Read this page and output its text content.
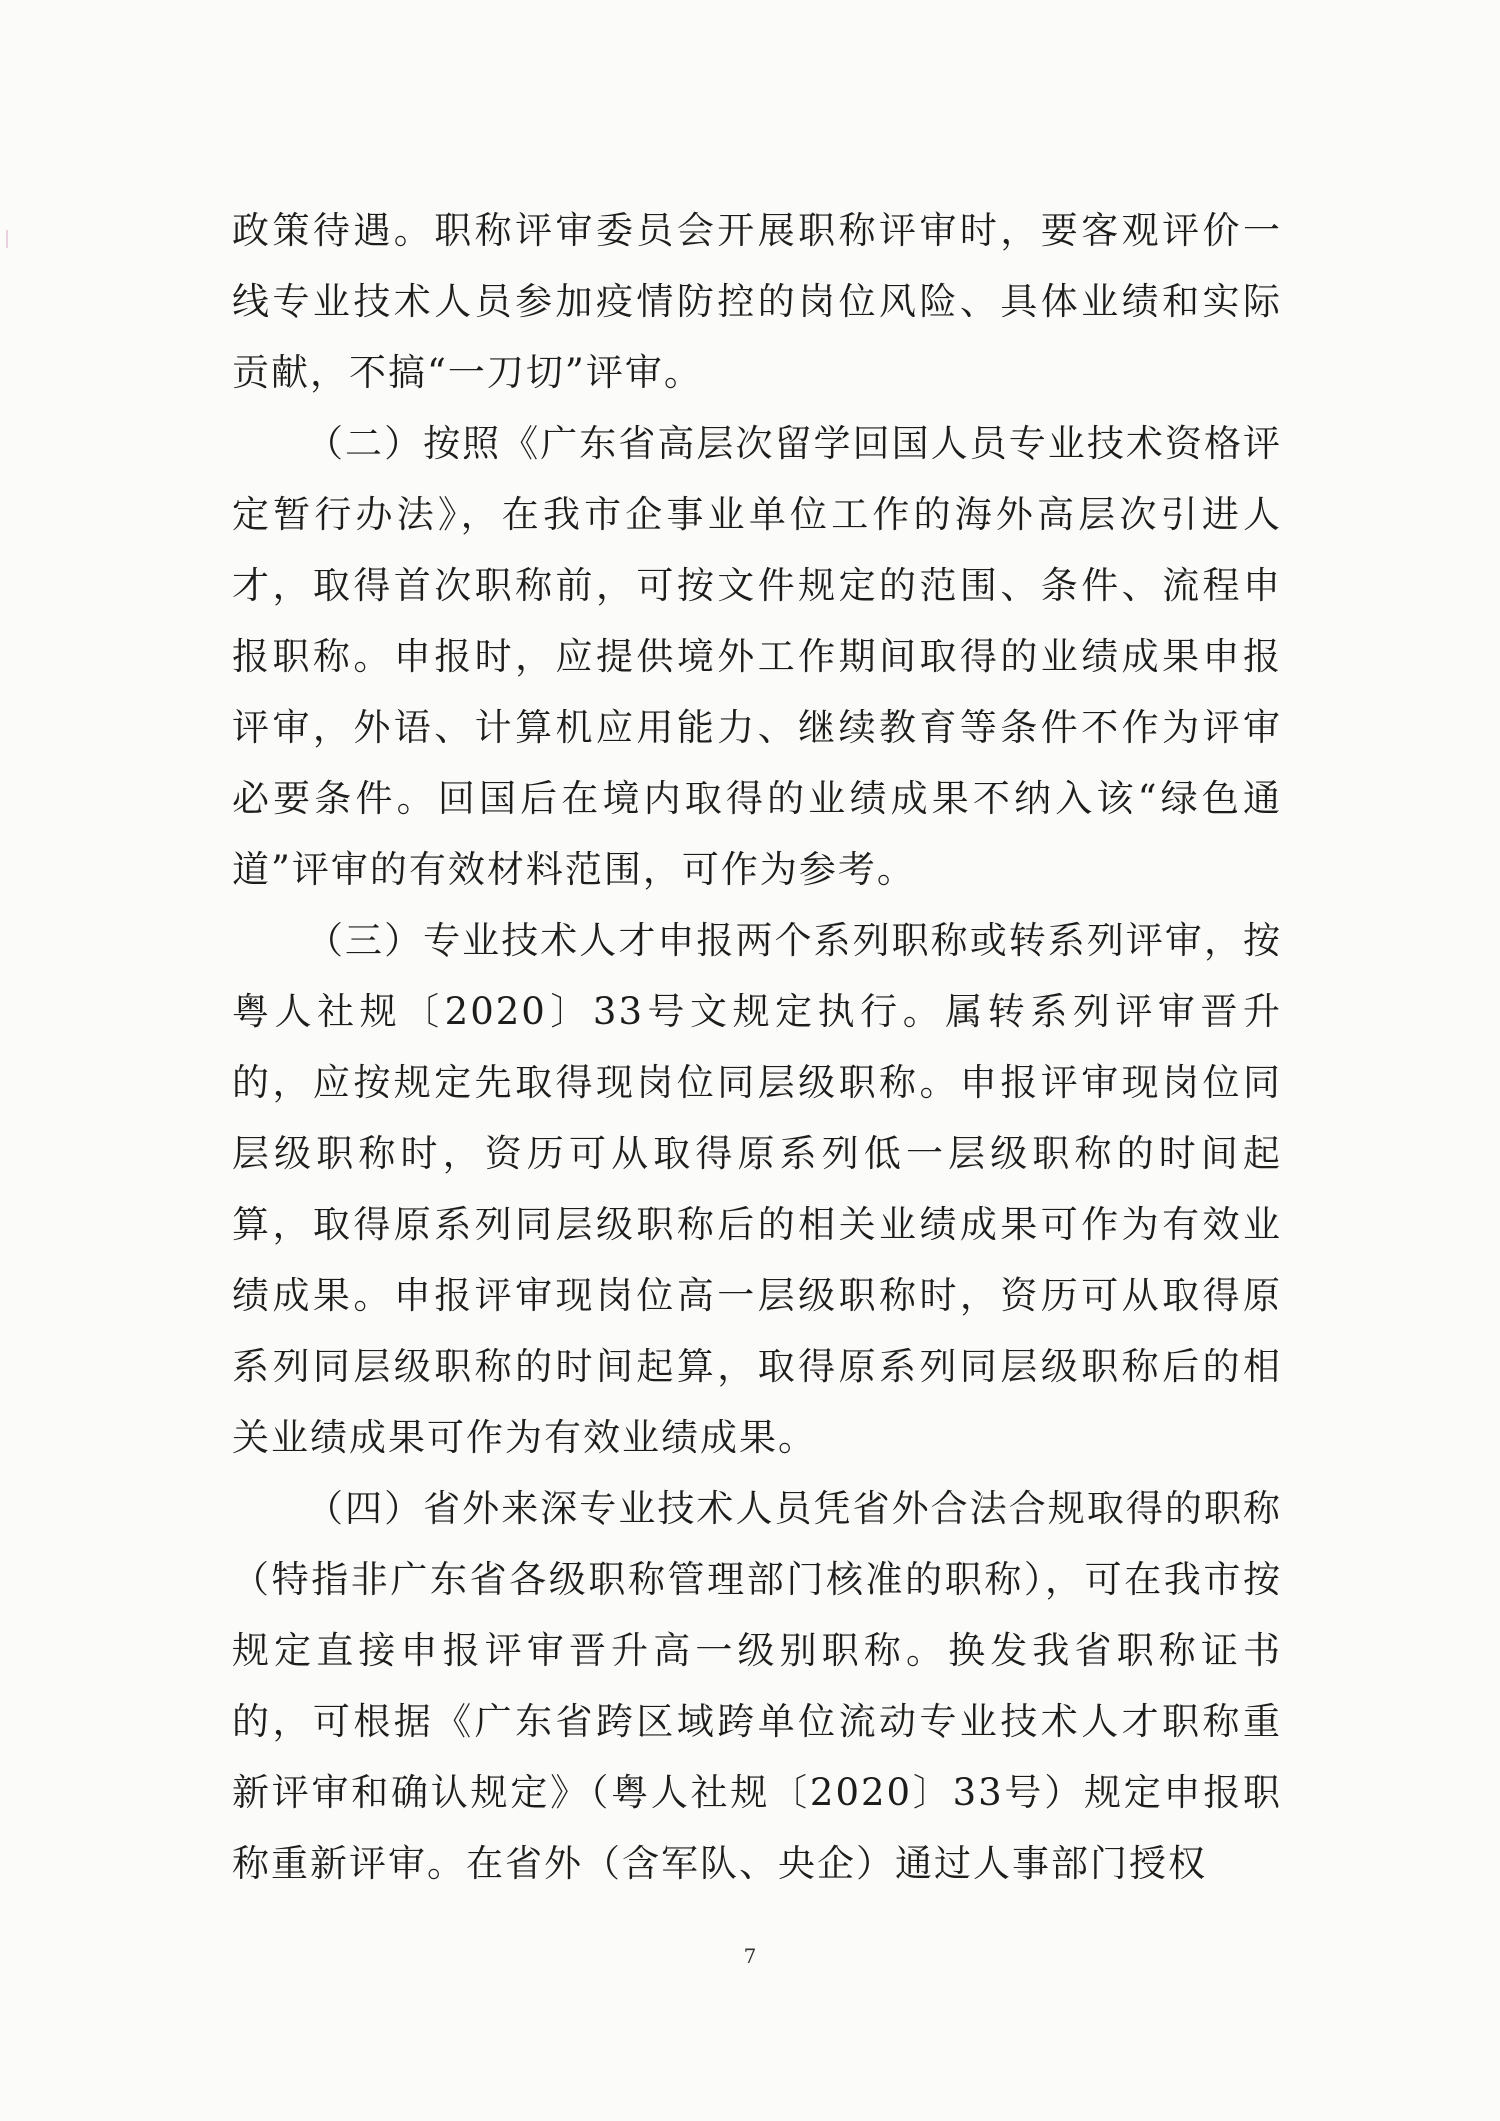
政策待遇。职称评审委员会开展职称评审时，要客观评价一线专业技术人员参加疫情防控的岗位风险、具体业绩和实际贡献，不搞“一刀切”评审。

（二）按照《广东省高层次留学回国人员专业技术资格评定暂行办法》，在我市企事业单位工作的海外高层次引进人才，取得首次职称前，可按文件规定的范围、条件、流程申报职称。申报时，应提供境外工作期间取得的业绩成果申报评审，外语、计算机应用能力、继续教育等条件不作为评审必要条件。回国后在境内取得的业绩成果不纳入该“绿色通道”评审的有效材料范围，可作为参考。

（三）专业技术人才申报两个系列职称或转系列评审，按粤人社规〔2020〕33号文规定执行。属转系列评审晋升的，应按规定先取得现岗位同层级职称。申报评审现岗位同层级职称时，资历可从取得原系列低一层级职称的时间起算，取得原系列同层级职称后的相关业绩成果可作为有效业绩成果。申报评审现岗位高一层级职称时，资历可从取得原系列同层级职称的时间起算，取得原系列同层级职称后的相关业绩成果可作为有效业绩成果。

（四）省外来深专业技术人员凭省外合法合规取得的职称（特指非广东省各级职称管理部门核准的职称），可在我市按规定直接申报评审晋升高一级别职称。换发我省职称证书的，可根据《广东省跨区域跨单位流动专业技术人才职称重新评审和确认规定》（粤人社规〔2020〕33号）规定申报职称重新评审。在省外（含军队、央企）通过人事部门授权

7
